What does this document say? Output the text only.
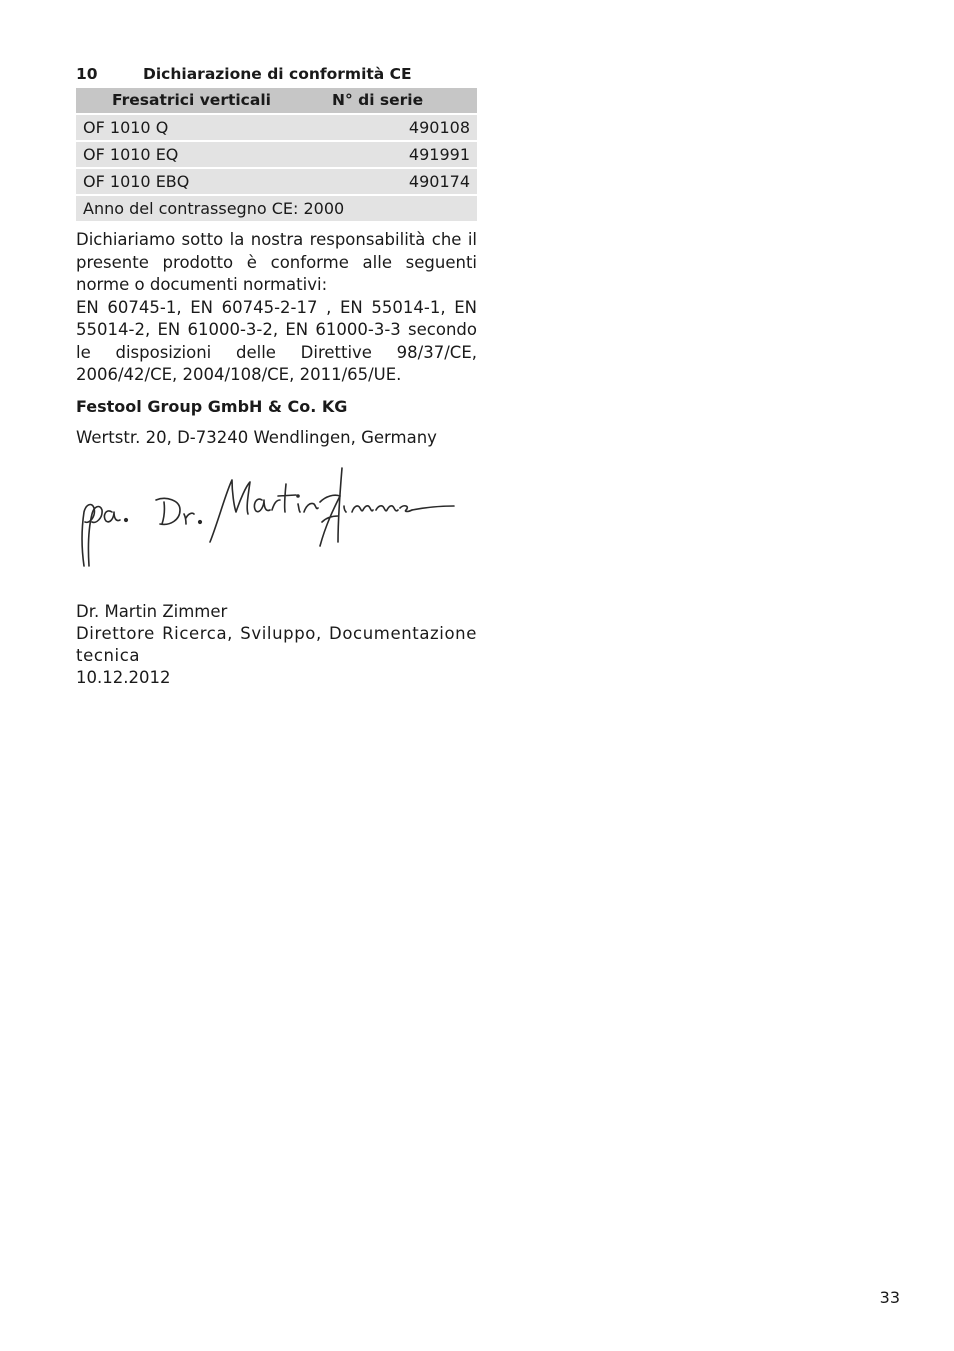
10	Dichiarazione di conformità CE
Fresatrici verticali	N° di serie
OF 1010 Q	490108
OF 1010 EQ	491991
OF 1010 EBQ	490174
Anno del contrassegno CE: 2000	

Dichiariamo sotto la nostra responsabilità che il presente prodotto è conforme alle seguenti norme o documenti normativi:

EN 60745-1, EN 60745-2-17 , EN 55014-1, EN 55014-2, EN 61000-3-2, EN 61000-3-3 secondo le disposizioni delle Direttive 98/37/CE, 2006/42/CE, 2004/108/CE, 2011/65/UE.

Festool Group GmbH & Co. KG
Wertstr. 20, D-73240 Wendlingen, Germany
Dr. Martin Zimmer
Direttore Ricerca, Sviluppo, Documentazione tecnica
10.12.2012
33
